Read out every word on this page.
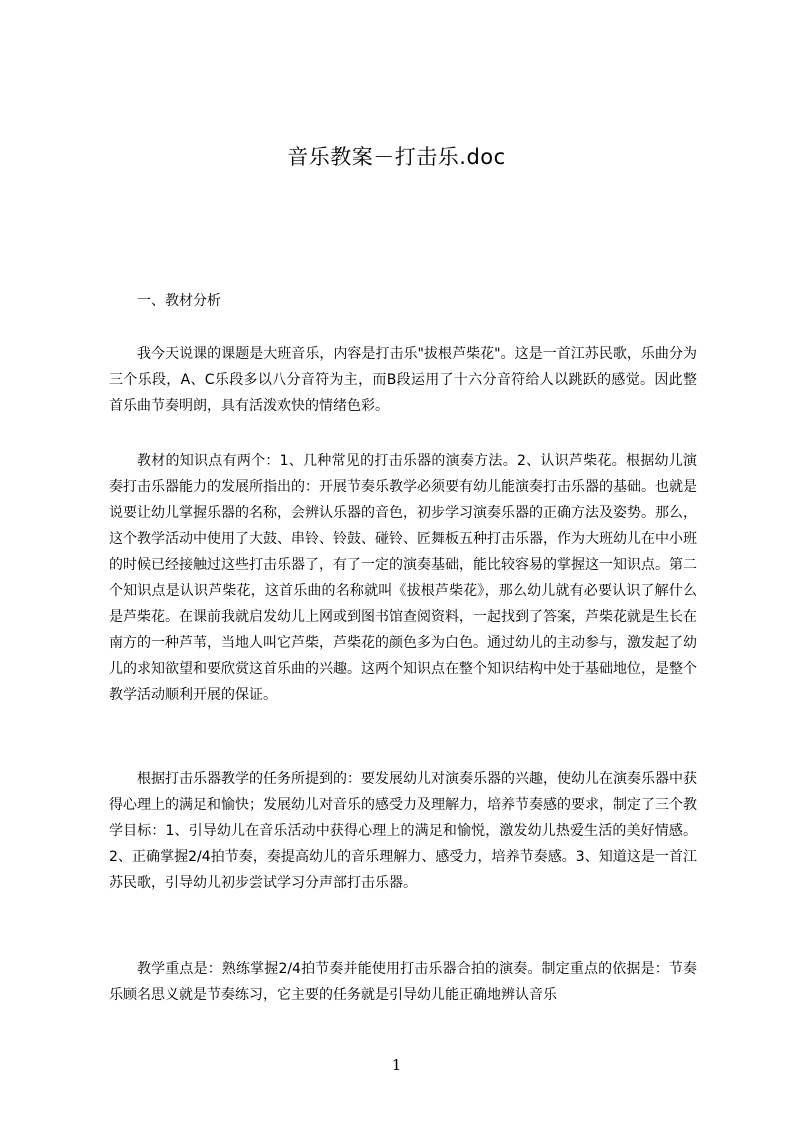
音乐教案－打击乐.doc
一、教材分析

我今天说课的课题是大班音乐，内容是打击乐"拔根芦柴花"。这是一首江苏民歌，乐曲分为三个乐段，A、C乐段多以八分音符为主，而B段运用了十六分音符给人以跳跃的感觉。因此整首乐曲节奏明朗，具有活泼欢快的情绪色彩。

教材的知识点有两个：1、几种常见的打击乐器的演奏方法。2、认识芦柴花。根据幼儿演奏打击乐器能力的发展所指出的：开展节奏乐教学必须要有幼儿能演奏打击乐器的基础。也就是说要让幼儿掌握乐器的名称，会辨认乐器的音色，初步学习演奏乐器的正确方法及姿势。那么，这个教学活动中使用了大鼓、串铃、铃鼓、碰铃、匠舞板五种打击乐器，作为大班幼儿在中小班的时候已经接触过这些打击乐器了，有了一定的演奏基础，能比较容易的掌握这一知识点。第二个知识点是认识芦柴花，这首乐曲的名称就叫《拔根芦柴花》，那么幼儿就有必要认识了解什么是芦柴花。在课前我就启发幼儿上网或到图书馆查阅资料，一起找到了答案，芦柴花就是生长在南方的一种芦苇，当地人叫它芦柴，芦柴花的颜色多为白色。通过幼儿的主动参与，激发起了幼儿的求知欲望和要欣赏这首乐曲的兴趣。这两个知识点在整个知识结构中处于基础地位，是整个教学活动顺利开展的保证。

根据打击乐器教学的任务所提到的：要发展幼儿对演奏乐器的兴趣，使幼儿在演奏乐器中获得心理上的满足和愉快；发展幼儿对音乐的感受力及理解力，培养节奏感的要求，制定了三个教学目标：1、引导幼儿在音乐活动中获得心理上的满足和愉悦，激发幼儿热爱生活的美好情感。2、正确掌握2/4拍节奏，奏提高幼儿的音乐理解力、感受力，培养节奏感。3、知道这是一首江苏民歌，引导幼儿初步尝试学习分声部打击乐器。

教学重点是：熟练掌握2/4拍节奏并能使用打击乐器合拍的演奏。制定重点的依据是：节奏乐顾名思义就是节奏练习，它主要的任务就是引导幼儿能正确地辨认音乐

1
